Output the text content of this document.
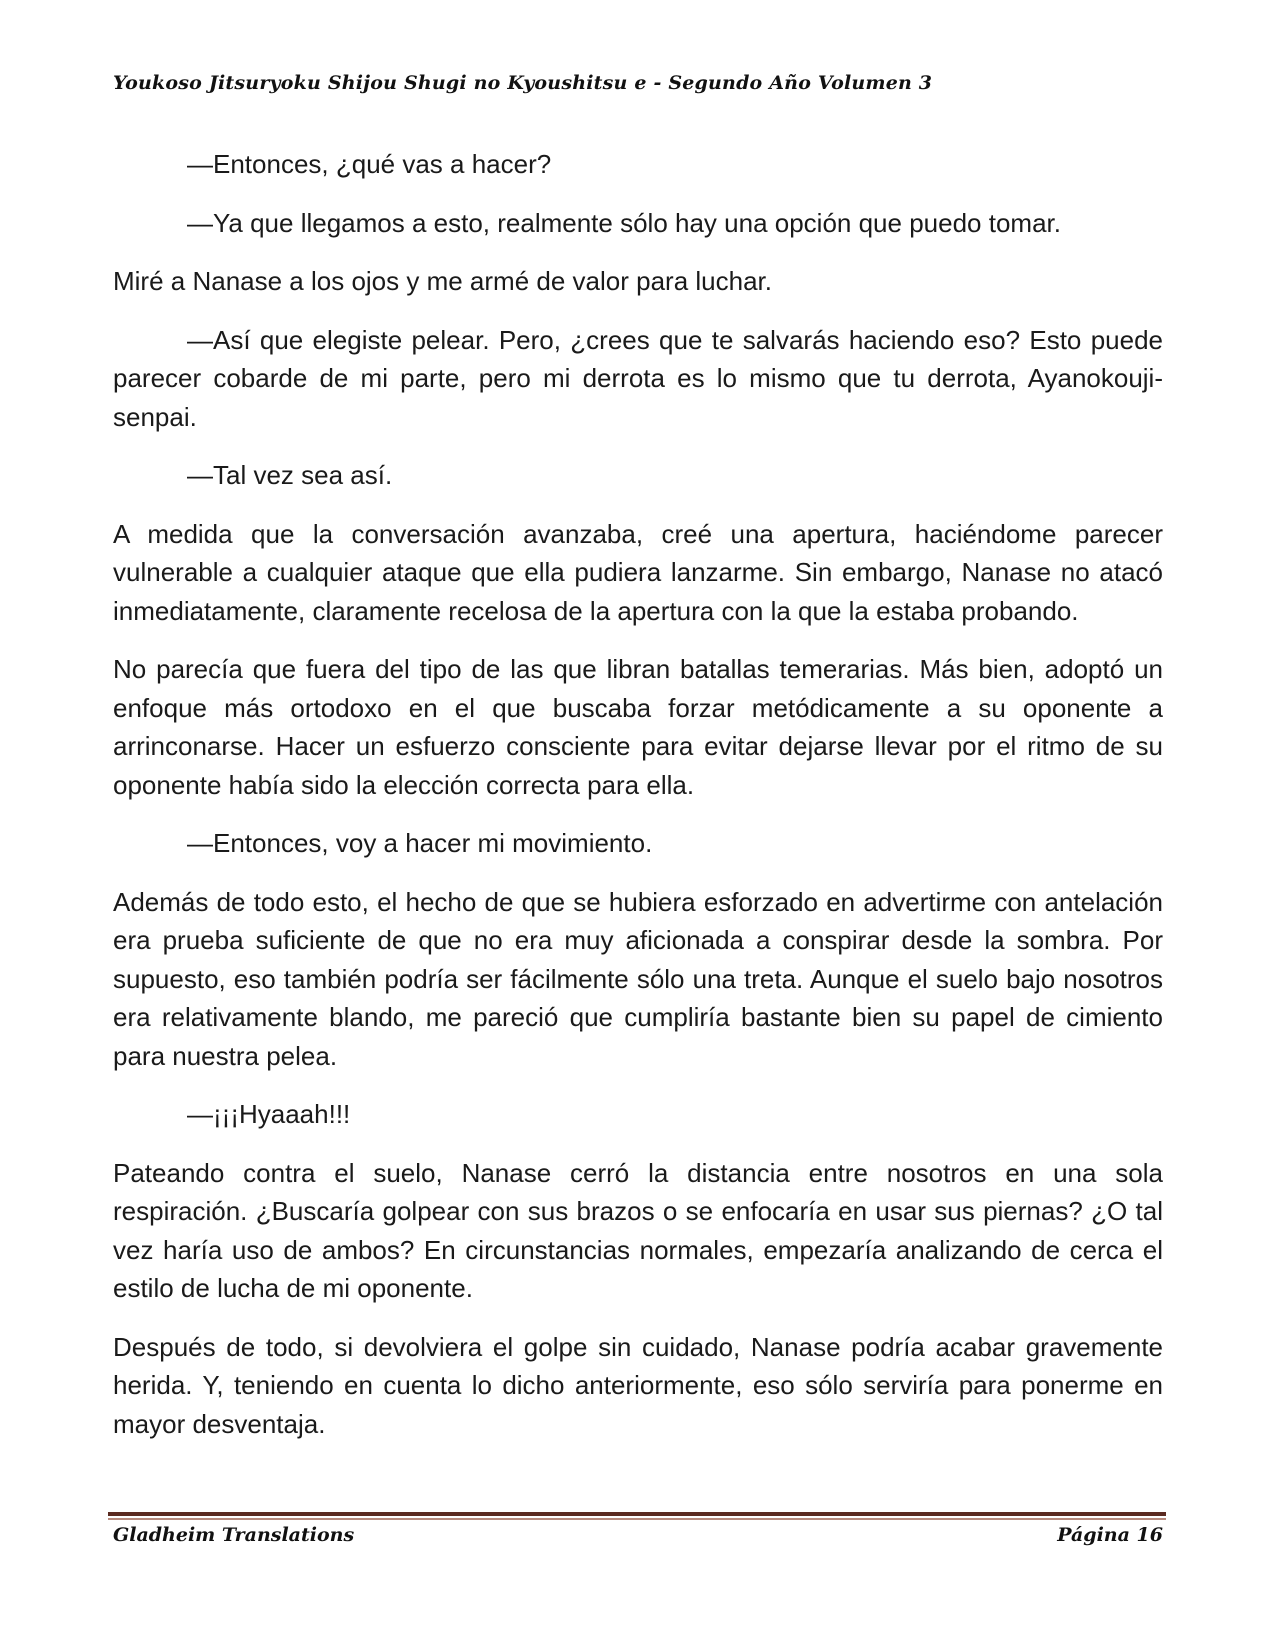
Youkoso Jitsuryoku Shijou Shugi no Kyoushitsu e - Segundo Año Volumen 3

—Entonces, ¿qué vas a hacer?

—Ya que llegamos a esto, realmente sólo hay una opción que puedo tomar.

Miré a Nanase a los ojos y me armé de valor para luchar.

—Así que elegiste pelear. Pero, ¿crees que te salvarás haciendo eso? Esto puede parecer cobarde de mi parte, pero mi derrota es lo mismo que tu derrota, Ayanokouji-senpai.

—Tal vez sea así.

A medida que la conversación avanzaba, creé una apertura, haciéndome parecer vulnerable a cualquier ataque que ella pudiera lanzarme. Sin embargo, Nanase no atacó inmediatamente, claramente recelosa de la apertura con la que la estaba probando.

No parecía que fuera del tipo de las que libran batallas temerarias. Más bien, adoptó un enfoque más ortodoxo en el que buscaba forzar metódicamente a su oponente a arrinconarse. Hacer un esfuerzo consciente para evitar dejarse llevar por el ritmo de su oponente había sido la elección correcta para ella.

—Entonces, voy a hacer mi movimiento.

Además de todo esto, el hecho de que se hubiera esforzado en advertirme con antelación era prueba suficiente de que no era muy aficionada a conspirar desde la sombra. Por supuesto, eso también podría ser fácilmente sólo una treta. Aunque el suelo bajo nosotros era relativamente blando, me pareció que cumpliría bastante bien su papel de cimiento para nuestra pelea.

—¡¡¡Hyaaah!!!

Pateando contra el suelo, Nanase cerró la distancia entre nosotros en una sola respiración. ¿Buscaría golpear con sus brazos o se enfocaría en usar sus piernas? ¿O tal vez haría uso de ambos? En circunstancias normales, empezaría analizando de cerca el estilo de lucha de mi oponente.

Después de todo, si devolviera el golpe sin cuidado, Nanase podría acabar gravemente herida. Y, teniendo en cuenta lo dicho anteriormente, eso sólo serviría para ponerme en mayor desventaja.

Gladheim Translations	Página 16
